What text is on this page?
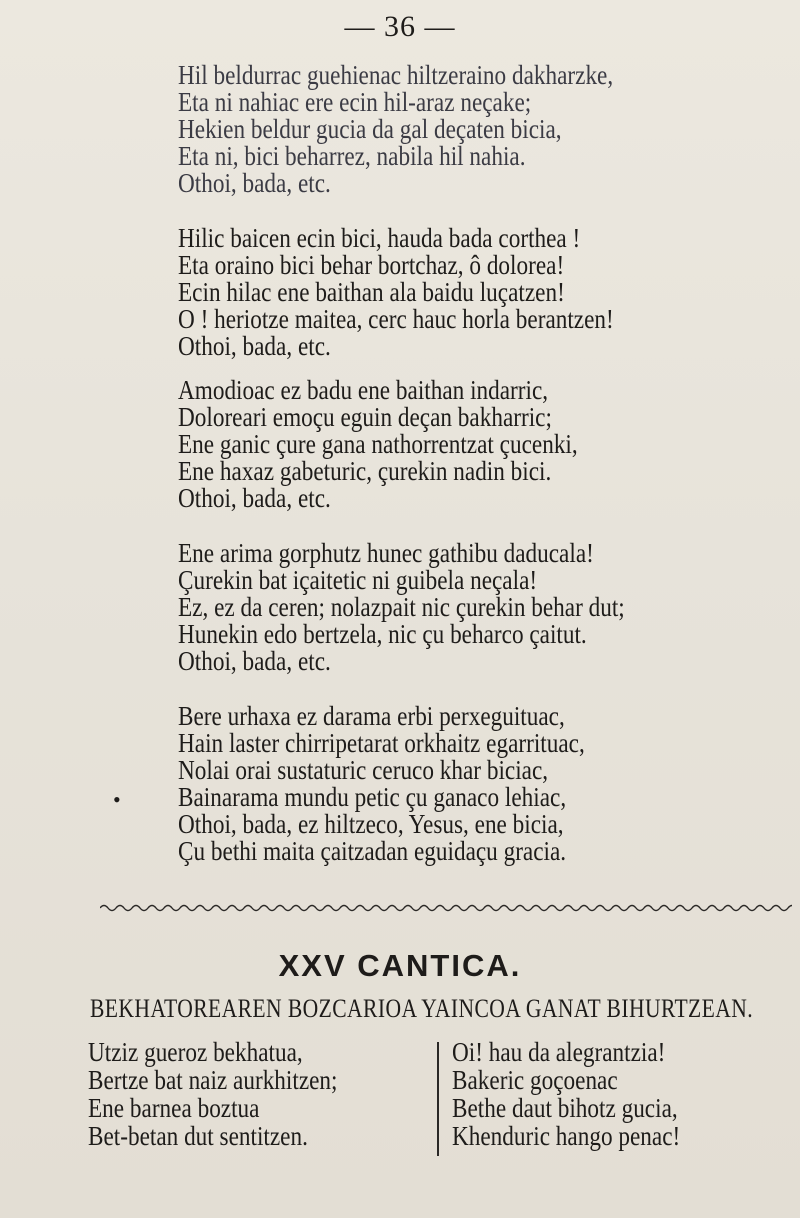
— 36 —
Hil beldurrac guehienac hiltzeraino dakharzke,
Eta ni nahiac ere ecin hil-araz neçake;
Hekien beldur gucia da gal deçaten bicia,
Eta ni, bici beharrez, nabila hil nahia.
Othoi, bada, etc.
Hilic baicen ecin bici, hauda bada corthea !
Eta oraino bici behar bortchaz, ô dolorea!
Ecin hilac ene baithan ala baidu luçatzen!
O ! heriotze maitea, cerc hauc horla berantzen!
Othoi, bada, etc.
Amodioac ez badu ene baithan indarric,
Doloreari emoçu eguin deçan bakharric;
Ene ganic çure gana nathorrentzat çucenki,
Ene haxaz gabeturic, çurekin nadin bici.
Othoi, bada, etc.
Ene arima gorphutz hunec gathibu daducala!
Çurekin bat içaitetic ni guibela neçala!
Ez, ez da ceren; nolazpait nic çurekin behar dut;
Hunekin edo bertzela, nic çu beharco çaitut.
Othoi, bada, etc.
Bere urhaxa ez darama erbi perxeguituac,
Hain laster chirripetarat orkhaitz egarrituac,
Nolai orai sustaturic ceruco khar biciac,
Bainarama mundu petic çu ganaco lehiac,
Othoi, bada, ez hiltzeco, Yesus, ene bicia,
Çu bethi maita çaitzadan eguidaçu gracia.
•
XXV CANTICA.
BEKHATOREAREN BOZCARIOA YAINCOA GANAT BIHURTZEAN.
Utziz gueroz bekhatua,
Bertze bat naiz aurkhitzen;
Ene barnea boztua
Bet-betan dut sentitzen.
Oi! hau da alegrantzia!
Bakeric goçoenac
Bethe daut bihotz gucia,
Khenduric hango penac!
